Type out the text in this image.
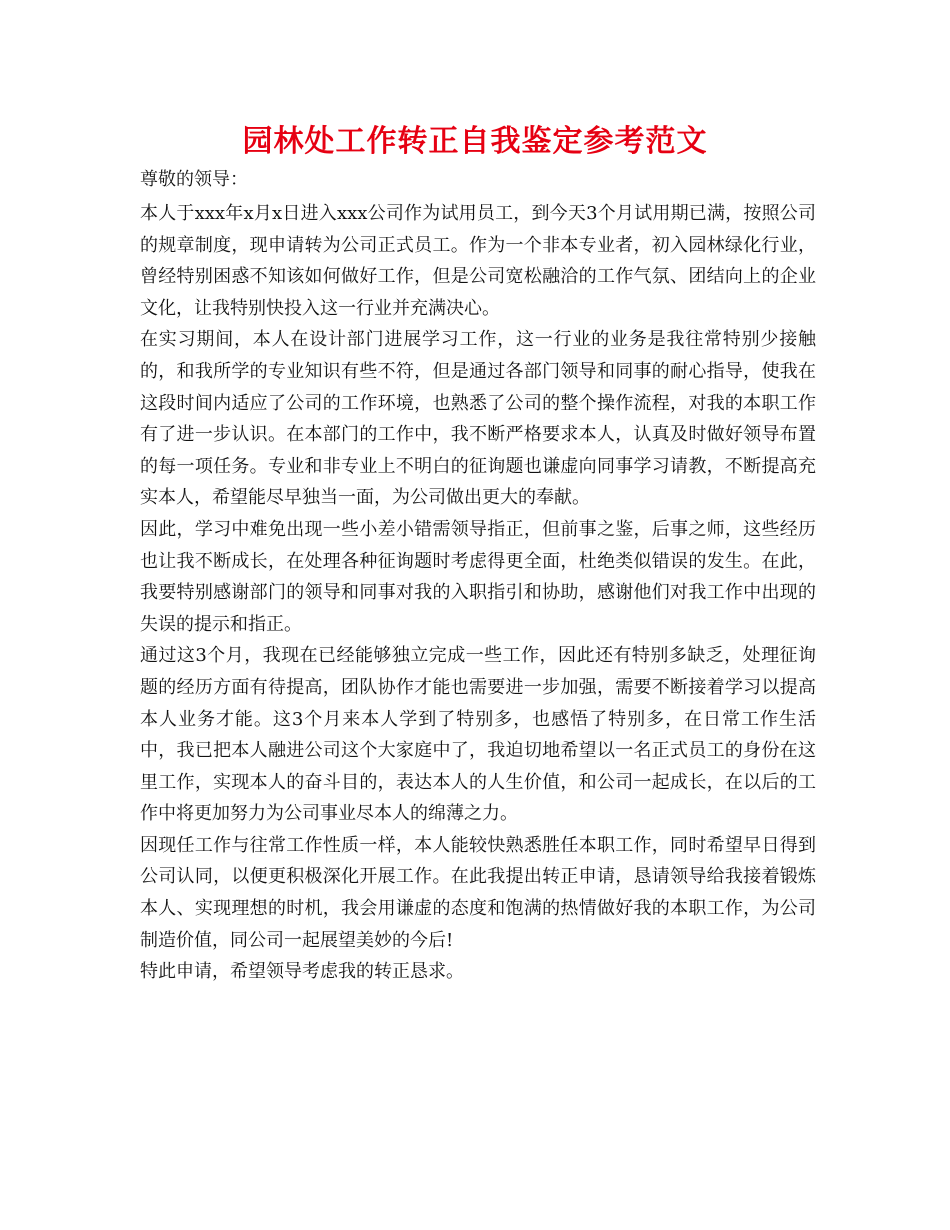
园林处工作转正自我鉴定参考范文

尊敬的领导：

本人于xxx年x月x日进入xxx公司作为试用员工，到今天3个月试用期已满，按照公司的规章制度，现申请转为公司正式员工。作为一个非本专业者，初入园林绿化行业，曾经特别困惑不知该如何做好工作，但是公司宽松融洽的工作气氛、团结向上的企业文化，让我特别快投入这一行业并充满决心。

在实习期间，本人在设计部门进展学习工作，这一行业的业务是我往常特别少接触的，和我所学的专业知识有些不符，但是通过各部门领导和同事的耐心指导，使我在这段时间内适应了公司的工作环境，也熟悉了公司的整个操作流程，对我的本职工作有了进一步认识。在本部门的工作中，我不断严格要求本人，认真及时做好领导布置的每一项任务。专业和非专业上不明白的征询题也谦虚向同事学习请教，不断提高充实本人，希望能尽早独当一面，为公司做出更大的奉献。

因此，学习中难免出现一些小差小错需领导指正，但前事之鉴，后事之师，这些经历也让我不断成长，在处理各种征询题时考虑得更全面，杜绝类似错误的发生。在此，我要特别感谢部门的领导和同事对我的入职指引和协助，感谢他们对我工作中出现的失误的提示和指正。

通过这3个月，我现在已经能够独立完成一些工作，因此还有特别多缺乏，处理征询题的经历方面有待提高，团队协作才能也需要进一步加强，需要不断接着学习以提高本人业务才能。这3个月来本人学到了特别多，也感悟了特别多，在日常工作生活中，我已把本人融进公司这个大家庭中了，我迫切地希望以一名正式员工的身份在这里工作，实现本人的奋斗目的，表达本人的人生价值，和公司一起成长，在以后的工作中将更加努力为公司事业尽本人的绵薄之力。

因现任工作与往常工作性质一样，本人能较快熟悉胜任本职工作，同时希望早日得到公司认同，以便更积极深化开展工作。在此我提出转正申请，恳请领导给我接着锻炼本人、实现理想的时机，我会用谦虚的态度和饱满的热情做好我的本职工作，为公司制造价值，同公司一起展望美妙的今后!

特此申请，希望领导考虑我的转正恳求。
